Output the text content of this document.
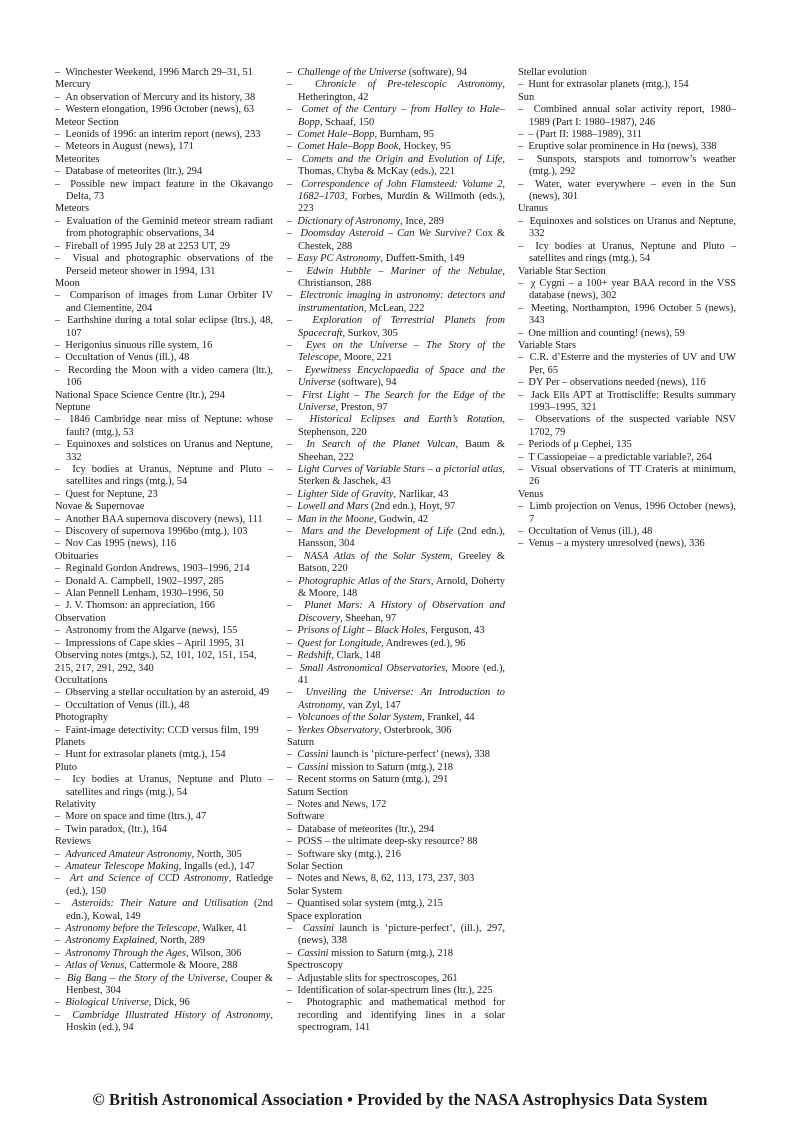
–  Winchester Weekend, 1996 March 29–31, 51
Mercury
–  An observation of Mercury and its history, 38
–  Western elongation, 1996 October (news), 63
Meteor Section
–  Leonids of 1996: an interim report (news), 233
–  Meteors in August (news), 171
Meteorites
–  Database of meteorites (ltr.), 294
–  Possible new impact feature in the Okavango Delta, 73
Meteors
–  Evaluation of the Geminid meteor stream radiant from photographic observations, 34
–  Fireball of 1995 July 28 at 2253 UT, 29
–  Visual and photographic observations of the Perseid meteor shower in 1994, 131
Moon
–  Comparison of images from Lunar Orbiter IV and Clementine, 204
–  Earthshine during a total solar eclipse (ltrs.), 48, 107
–  Herigonius sinuous rille system, 16
–  Occultation of Venus (ill.), 48
–  Recording the Moon with a video camera (ltr.), 106
National Space Science Centre (ltr.), 294
Neptune
–  1846 Cambridge near miss of Neptune: whose fault? (mtg.), 53
–  Equinoxes and solstices on Uranus and Neptune, 332
–  Icy bodies at Uranus, Neptune and Pluto – satellites and rings (mtg.), 54
–  Quest for Neptune, 23
Novae & Supernovae
–  Another BAA supernova discovery (news), 111
–  Discovery of supernova 1996bo (mtg.), 103
–  Nov Cas 1995 (news), 116
Obituaries
–  Reginald Gordon Andrews, 1903–1996, 214
–  Donald A. Campbell, 1902–1997, 285
–  Alan Pennell Lenham, 1930–1996, 50
–  J. V. Thomson: an appreciation, 166
Observation
–  Astronomy from the Algarve (news), 155
–  Impressions of Cape skies – April 1995, 31
Observing notes (mtgs.), 52, 101, 102, 151, 154, 215, 217, 291, 292, 340
Occultations
–  Observing a stellar occultation by an asteroid, 49
–  Occultation of Venus (ill.), 48
Photography
–  Faint-image detectivity: CCD versus film, 199
Planets
–  Hunt for extrasolar planets (mtg.), 154
Pluto
–  Icy bodies at Uranus, Neptune and Pluto – satellites and rings (mtg.), 54
Relativity
–  More on space and time (ltrs.), 47
–  Twin paradox, (ltr.), 164
Reviews
–  Advanced Amateur Astronomy, North, 305
–  Amateur Telescope Making, Ingalls (ed.), 147
–  Art and Science of CCD Astronomy, Ratledge (ed.), 150
–  Asteroids: Their Nature and Utilisation (2nd edn.), Kowal, 149
–  Astronomy before the Telescope, Walker, 41
–  Astronomy Explained, North, 289
–  Astronomy Through the Ages, Wilson, 306
–  Atlas of Venus, Cattermole & Moore, 288
–  Big Bang – the Story of the Universe, Couper & Henbest, 304
–  Biological Universe, Dick, 96
–  Cambridge Illustrated History of Astronomy, Hoskin (ed.), 94
–  Challenge of the Universe (software), 94
–  Chronicle of Pre-telescopic Astronomy, Hetherington, 42
–  Comet of the Century – from Halley to Hale–Bopp, Schaaf, 150
–  Comet Hale–Bopp, Burnham, 95
–  Comet Hale–Bopp Book, Hockey, 95
–  Comets and the Origin and Evolution of Life, Thomas, Chyba & McKay (eds.), 221
–  Correspondence of John Flamsteed: Volume 2, 1682–1703, Forbes, Murdin & Willmoth (eds.), 223
–  Dictionary of Astronomy, Ince, 289
–  Doomsday Asteroid – Can We Survive? Cox & Chestek, 288
–  Easy PC Astronomy, Duffett-Smith, 149
–  Edwin Hubble – Mariner of the Nebulae, Christianson, 288
–  Electronic imaging in astronomy: detectors and instrumentation, McLean, 222
–  Exploration of Terrestrial Planets from Spacecraft, Surkov, 305
–  Eyes on the Universe – The Story of the Telescope, Moore, 221
–  Eyewitness Encyclopaedia of Space and the Universe (software), 94
–  First Light – The Search for the Edge of the Universe, Preston, 97
–  Historical Eclipses and Earth’s Rotation, Stephenson, 220
–  In Search of the Planet Vulcan, Baum & Sheehan, 222
–  Light Curves of Variable Stars – a pictorial atlas, Sterken & Jaschek, 43
–  Lighter Side of Gravity, Narlikar, 43
–  Lowell and Mars (2nd edn.), Hoyt, 97
–  Man in the Moone, Godwin, 42
–  Mars and the Development of Life (2nd edn.), Hansson, 304
–  NASA Atlas of the Solar System, Greeley & Batson, 220
–  Photographic Atlas of the Stars, Arnold, Doherty & Moore, 148
–  Planet Mars: A History of Observation and Discovery, Sheehan, 97
–  Prisons of Light – Black Holes, Ferguson, 43
–  Quest for Longitude, Andrewes (ed.), 96
–  Redshift, Clark, 148
–  Small Astronomical Observatories, Moore (ed.), 41
–  Unveiling the Universe: An Introduction to Astronomy, van Zyl, 147
–  Volcanoes of the Solar System, Frankel, 44
–  Yerkes Observatory, Osterbrook, 306
Saturn
–  Cassini launch is ‘picture-perfect’ (news), 338
–  Cassini mission to Saturn (mtg.), 218
–  Recent storms on Saturn (mtg.), 291
Saturn Section
–  Notes and News, 172
Software
–  Database of meteorites (ltr.), 294
–  POSS – the ultimate deep-sky resource? 88
–  Software sky (mtg.), 216
Solar Section
–  Notes and News, 8, 62, 113, 173, 237, 303
Solar System
–  Quantised solar system (mtg.), 215
Space exploration
–  Cassini launch is ‘picture-perfect’, (ill.), 297, (news), 338
–  Cassini mission to Saturn (mtg.), 218
Spectroscopy
–  Adjustable slits for spectroscopes, 261
–  Identification of solar-spectrum lines (ltr.), 225
–  Photographic and mathematical method for recording and identifying lines in a solar spectrogram, 141
Stellar evolution
–  Hunt for extrasolar planets (mtg.), 154
Sun
–  Combined annual solar activity report, 1980–1989 (Part I: 1980–1987), 246
–  – (Part II: 1988–1989), 311
–  Eruptive solar prominence in Hα (news), 338
–  Sunspots, starspots and tomorrow’s weather (mtg.), 292
–  Water, water everywhere – even in the Sun (news), 301
Uranus
–  Equinoxes and solstices on Uranus and Neptune, 332
–  Icy bodies at Uranus, Neptune and Pluto – satellites and rings (mtg.), 54
Variable Star Section
–  χ Cygni – a 100+ year BAA record in the VSS database (news), 302
–  Meeting, Northampton, 1996 October 5 (news), 343
–  One million and counting! (news), 59
Variable Stars
–  C.R. d’Esterre and the mysteries of UV and UW Per, 65
–  DY Per – observations needed (news), 116
–  Jack Ells APT at Trottiscliffe: Results summary 1993–1995, 321
–  Observations of the suspected variable NSV 1702, 79
–  Periods of μ Cephei, 135
–  T Cassiopeiae – a predictable variable?, 264
–  Visual observations of TT Crateris at minimum, 26
Venus
–  Limb projection on Venus, 1996 October (news), 7
–  Occultation of Venus (ill.), 48
–  Venus – a mystery unresolved (news), 336
© British Astronomical Association • Provided by the NASA Astrophysics Data System
